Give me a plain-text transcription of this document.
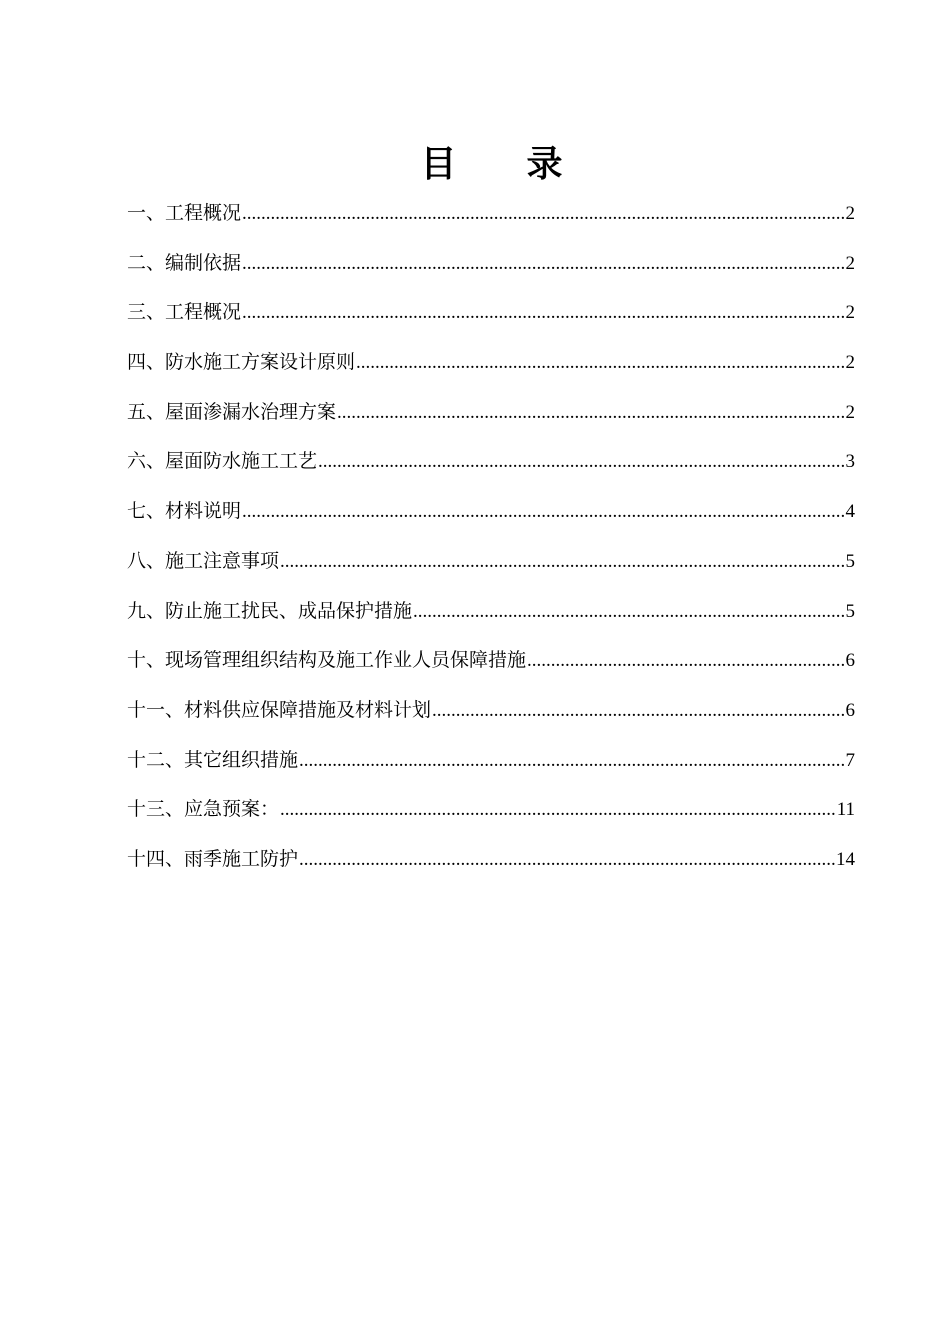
目 录
一、工程概况 .....	2
二、编制依据 .....	2
三、工程概况 .....	2
四、防水施工方案设计原则 .....	2
五、屋面渗漏水治理方案 .....	2
六、屋面防水施工工艺 .....	3
七、材料说明 .....	4
八、施工注意事项 .....	5
九、防止施工扰民、成品保护措施 .....	5
十、现场管理组织结构及施工作业人员保障措施 .....	6
十一、材料供应保障措施及材料计划 .....	6
十二、其它组织措施 .....	7
十三、应急预案： .....	11
十四、雨季施工防护 .....	14
